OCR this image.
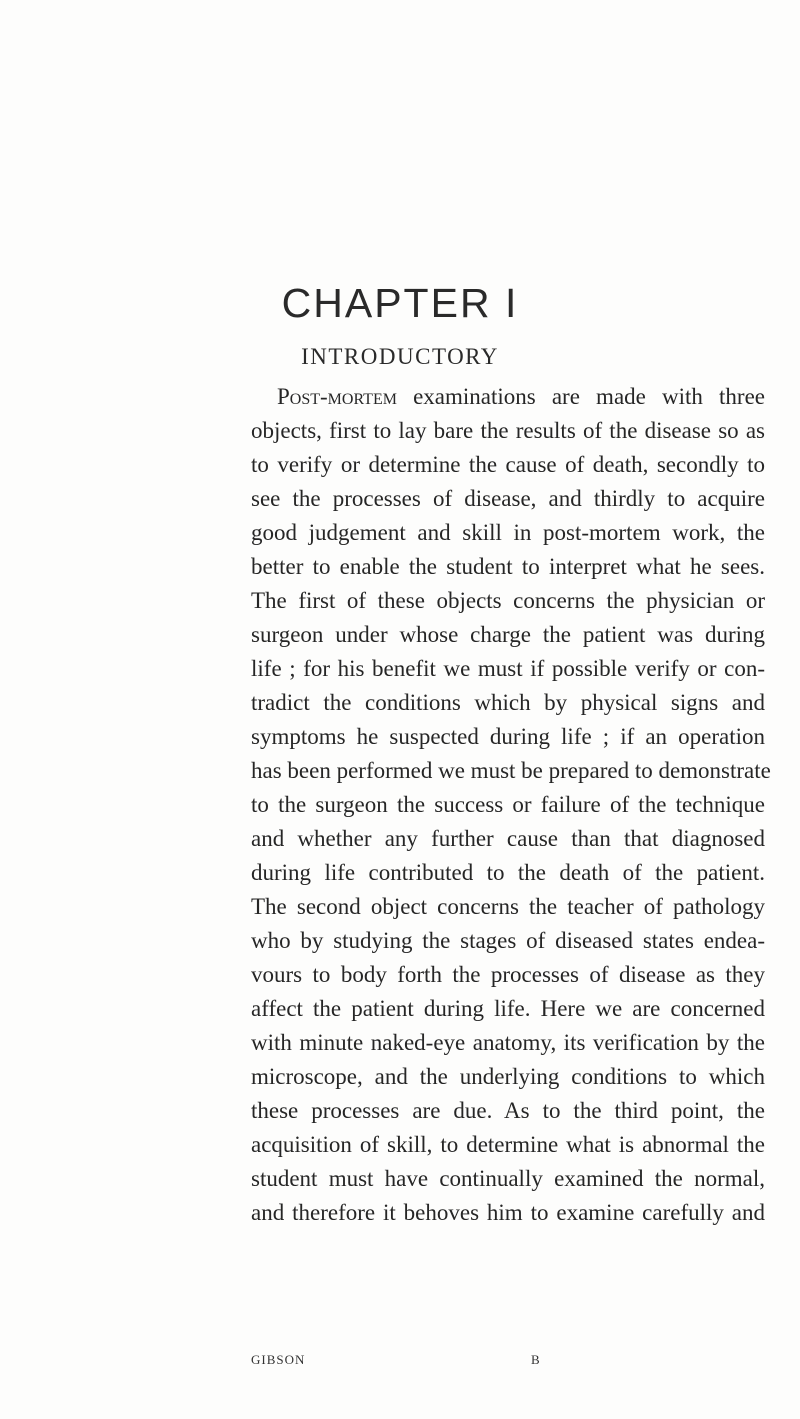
CHAPTER I
INTRODUCTORY
Post-mortem examinations are made with three
objects, first to lay bare the results of the disease so as
to verify or determine the cause of death, secondly to
see the processes of disease, and thirdly to acquire
good judgement and skill in post-mortem work, the
better to enable the student to interpret what he sees.
The first of these objects concerns the physician or
surgeon under whose charge the patient was during
life ; for his benefit we must if possible verify or con-
tradict the conditions which by physical signs and
symptoms he suspected during life ; if an operation
has been performed we must be prepared to demonstrate
to the surgeon the success or failure of the technique
and whether any further cause than that diagnosed
during life contributed to the death of the patient.
The second object concerns the teacher of pathology
who by studying the stages of diseased states endea-
vours to body forth the processes of disease as they
affect the patient during life. Here we are concerned
with minute naked-eye anatomy, its verification by the
microscope, and the underlying conditions to which
these processes are due. As to the third point, the
acquisition of skill, to determine what is abnormal the
student must have continually examined the normal,
and therefore it behoves him to examine carefully and
GIBSON	B
